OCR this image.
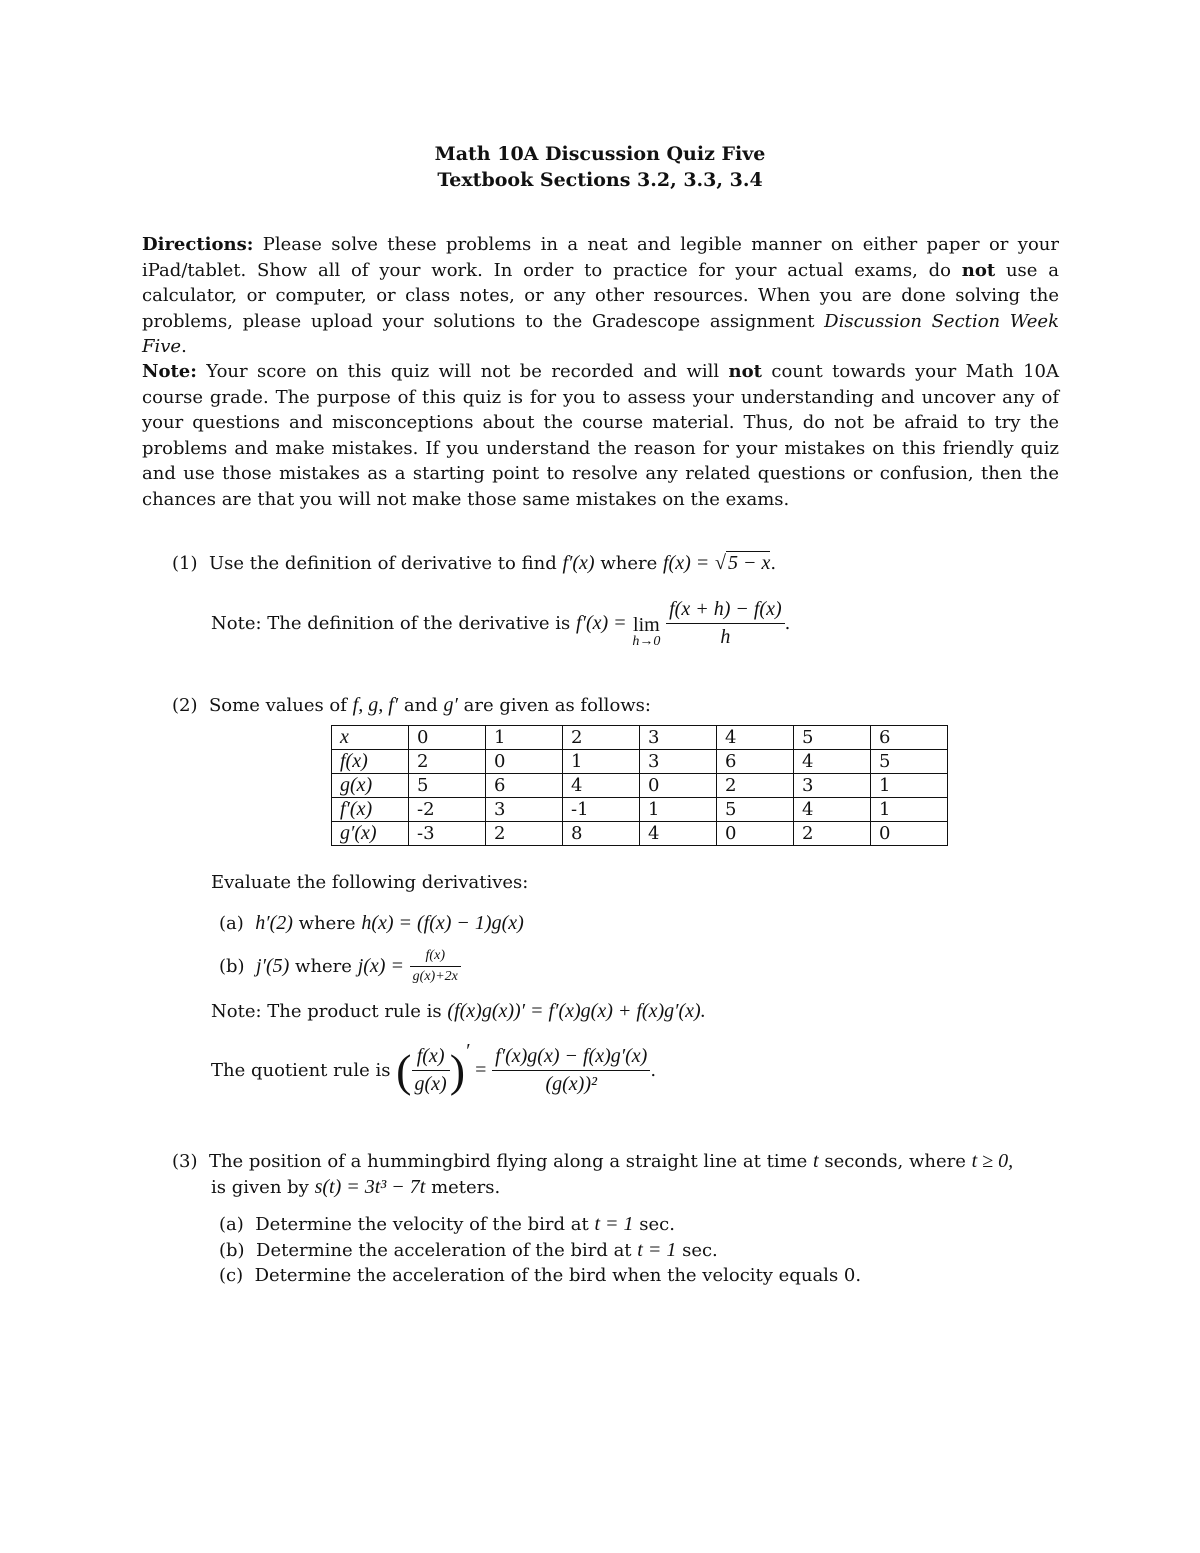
Math 10A Discussion Quiz Five
Textbook Sections 3.2, 3.3, 3.4
Directions: Please solve these problems in a neat and legible manner on either paper or your iPad/tablet. Show all of your work. In order to practice for your actual exams, do not use a calculator, or computer, or class notes, or any other resources. When you are done solving the problems, please upload your solutions to the Gradescope assignment Discussion Section Week Five.
Note: Your score on this quiz will not be recorded and will not count towards your Math 10A course grade. The purpose of this quiz is for you to assess your understanding and uncover any of your questions and misconceptions about the course material. Thus, do not be afraid to try the problems and make mistakes. If you understand the reason for your mistakes on this friendly quiz and use those mistakes as a starting point to resolve any related questions or confusion, then the chances are that you will not make those same mistakes on the exams.
(1) Use the definition of derivative to find f′(x) where f(x) = √ 5 − x.
Note: The definition of the derivative is f′(x) = lim
h→0
$\frac{f(x + h) - f(x)}{h}$ .
(2) Some values of f, g, f′ and g′ are given as follows:
x	0	1	2	3	4	5	6
f(x)	2	0	1	3	6	4	5
g(x)	5	6	4	0	2	3	1
f′(x)	-2	3	-1	1	5	4	1
g′(x)	-3	2	8	4	0	2	0
Evaluate the following derivatives:
(a) h′(2) where h(x) = (f(x) − 1)g(x)
(b) j′(5) where $j(x) = \frac{f(x)}{g(x)+2x}$
Note: The product rule is (f(x)g(x))′ = f′(x)g(x) + f(x)g′(x).
The quotient rule is ( $\frac{f(x)}{g(x)}$ )′ = $\frac{f'(x)g(x) - f(x)g'(x)}{\text{(g(x))²}}$ .
(3) The position of a hummingbird flying along a straight line at time t seconds, where t ≥ 0,
is given by s(t) = 3t³ − 7t meters.
(a) Determine the velocity of the bird at t = 1 sec.
(b) Determine the acceleration of the bird at t = 1 sec.
(c) Determine the acceleration of the bird when the velocity equals 0.
